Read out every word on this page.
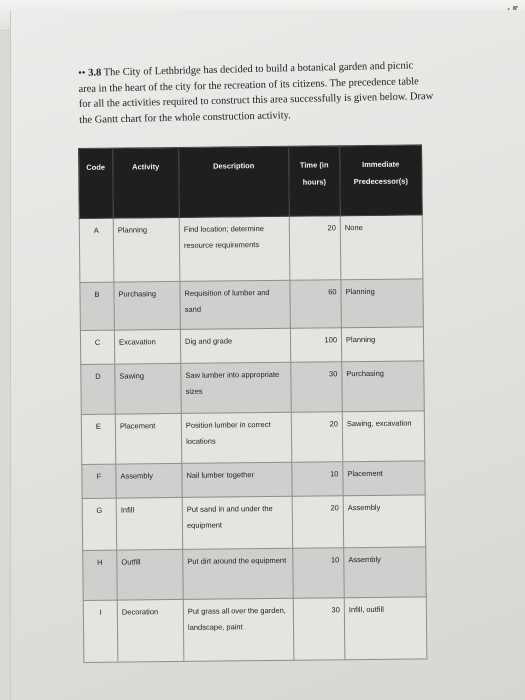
•• 3.8 The City of Lethbridge has decided to build a botanical garden and picnic area in the heart of the city for the recreation of its citizens. The precedence table for all the activities required to construct this area successfully is given below. Draw the Gantt chart for the whole construction activity.
Code	Activity	Description	Time (in hours)	Immediate Predecessor(s)
A	Planning	Find location; determine resource requirements	20	None
B	Purchasing	Requisition of lumber and sand	60	Planning
C	Excavation	Dig and grade	100	Planning
D	Sawing	Saw lumber into appropriate sizes	30	Purchasing
E	Placement	Position lumber in correct locations	20	Sawing, excavation
F	Assembly	Nail lumber together	10	Placement
G	Infill	Put sand in and under the equipment	20	Assembly
H	Outfill	Put dirt around the equipment	10	Assembly
I	Decoration	Put grass all over the garden, landscape, paint	30	Infill, outfill
